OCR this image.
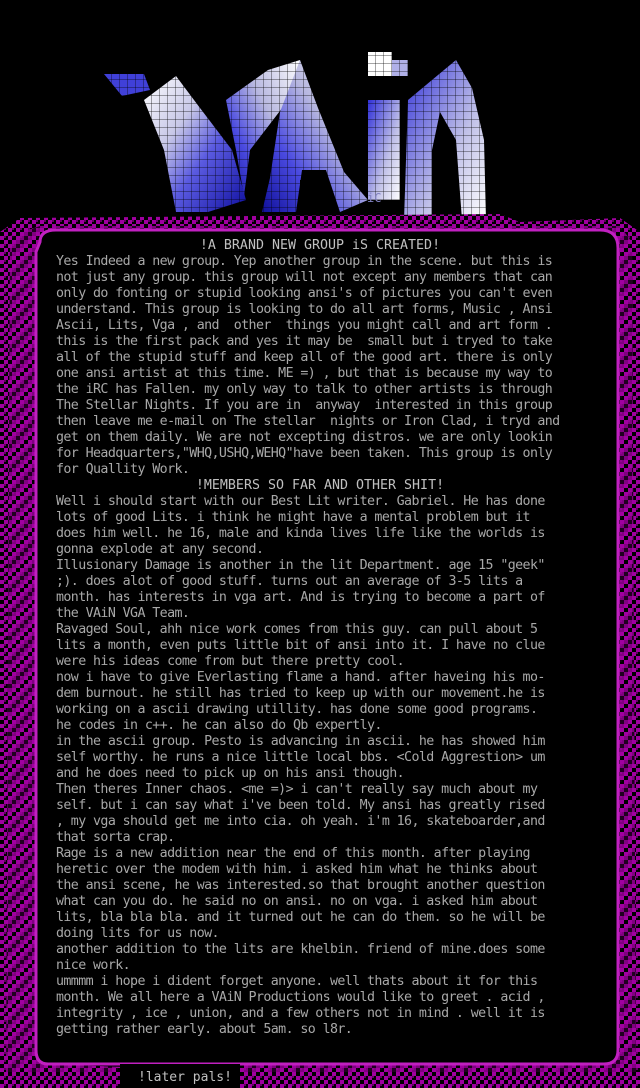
iC
!A BRAND NEW GROUP iS CREATED!
Yes Indeed a new group. Yep another group in the scene. but this is
not just any group. this group will not except any members that can
only do fonting or stupid looking ansi's of pictures you can't even
understand. This group is looking to do all art forms, Music , Ansi
Ascii, Lits, Vga , and  other  things you might call and art form .
this is the first pack and yes it may be  small but i tryed to take
all of the stupid stuff and keep all of the good art. there is only
one ansi artist at this time. ME =) , but that is because my way to
the iRC has Fallen. my only way to talk to other artists is through
The Stellar Nights. If you are in  anyway  interested in this group
then leave me e-mail on The stellar  nights or Iron Clad, i tryd and
get on them daily. We are not excepting distros. we are only lookin
for Headquarters,"WHQ,USHQ,WEHQ"have been taken. This group is only
for Quallity Work.
!MEMBERS SO FAR AND OTHER SHIT!
Well i should start with our Best Lit writer. Gabriel. He has done
lots of good Lits. i think he might have a mental problem but it
does him well. he 16, male and kinda lives life like the worlds is
gonna explode at any second.
Illusionary Damage is another in the lit Department. age 15 "geek"
;). does alot of good stuff. turns out an average of 3-5 lits a
month. has interests in vga art. And is trying to become a part of
the VAiN VGA Team.
Ravaged Soul, ahh nice work comes from this guy. can pull about 5
lits a month, even puts little bit of ansi into it. I have no clue
were his ideas come from but there pretty cool.
now i have to give Everlasting flame a hand. after haveing his mo-
dem burnout. he still has tried to keep up with our movement.he is
working on a ascii drawing utillity. has done some good programs.
he codes in c++. he can also do Qb expertly.
in the ascii group. Pesto is advancing in ascii. he has showed him
self worthy. he runs a nice little local bbs. <Cold Aggrestion> um
and he does need to pick up on his ansi though.
Then theres Inner chaos. <me =)> i can't really say much about my
self. but i can say what i've been told. My ansi has greatly rised
, my vga should get me into cia. oh yeah. i'm 16, skateboarder,and
that sorta crap.
Rage is a new addition near the end of this month. after playing
heretic over the modem with him. i asked him what he thinks about
the ansi scene, he was interested.so that brought another question
what can you do. he said no on ansi. no on vga. i asked him about
lits, bla bla bla. and it turned out he can do them. so he will be
doing lits for us now.
another addition to the lits are khelbin. friend of mine.does some
nice work.
ummmm i hope i dident forget anyone. well thats about it for this
month. We all here a VAiN Productions would like to greet . acid ,
integrity , ice , union, and a few others not in mind . well it is
getting rather early. about 5am. so l8r.
!later pals!
